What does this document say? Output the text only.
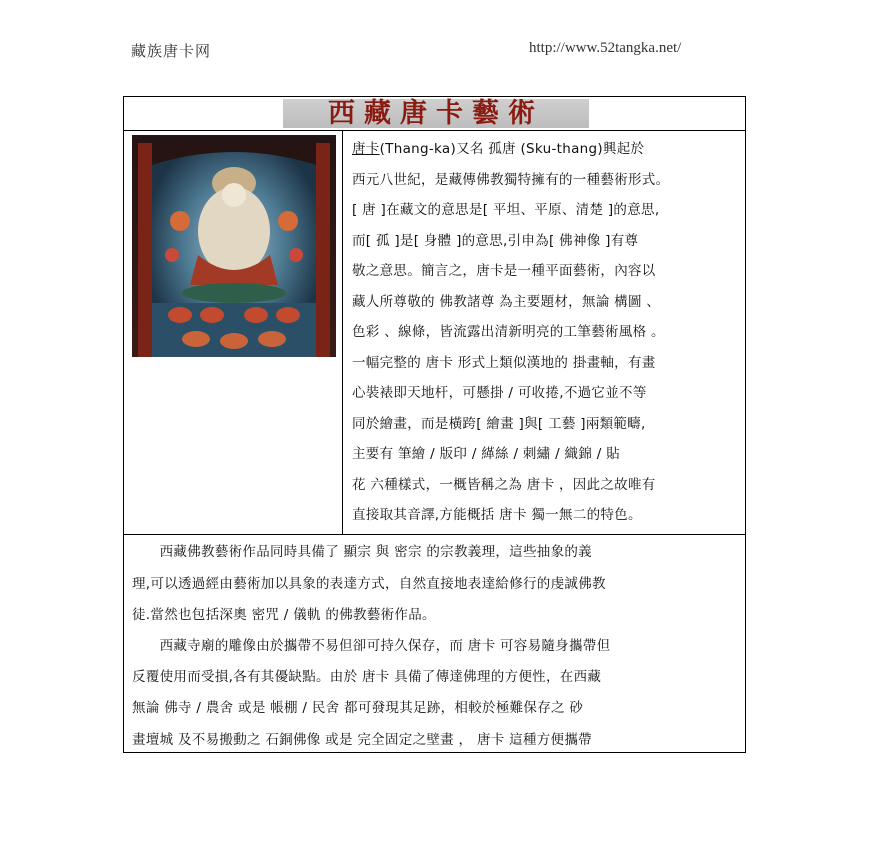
藏族唐卡网	http://www.52tangka.net/
西藏唐卡藝術
唐卡(Thang-ka)又名 孤唐 (Sku-thang)興起於
西元八世紀，是藏傳佛教獨特擁有的一種藝術形式。
[ 唐 ]在藏文的意思是[ 平坦、平原、清楚 ]的意思,
而[ 孤 ]是[ 身體 ]的意思,引申為[ 佛神像 ]有尊
敬之意思。簡言之，唐卡是一種平面藝術，內容以
藏人所尊敬的 佛教諸尊 為主要題材，無論 構圖 、
色彩 、線條，皆流露出清新明亮的工筆藝術風格 。
一幅完整的 唐卡 形式上類似漢地的 掛畫軸，有畫
心裝裱即天地杆，可懸掛 / 可收捲,不過它並不等
同於繪畫，而是橫跨[ 繪畫 ]與[ 工藝 ]兩類範疇,
主要有 筆繪 / 版印 / 緙絲 / 刺繡 / 織錦 / 貼
花 六種樣式，一概皆稱之為 唐卡 ，因此之故唯有
直接取其音譯,方能概括 唐卡 獨一無二的特色。
　　西藏佛教藝術作品同時具備了 顯宗 與 密宗 的宗教義理，這些抽象的義
理,可以透過經由藝術加以具象的表達方式，自然直接地表達給修行的虔誠佛教
徒.當然也包括深奧 密咒 / 儀軌 的佛教藝術作品。
　　西藏寺廟的雕像由於攜帶不易但卻可持久保存，而 唐卡 可容易隨身攜帶但
反覆使用而受損,各有其優缺點。由於 唐卡 具備了傳達佛理的方便性，在西藏
無論 佛寺 / 農舍 或是 帳棚 / 民舍 都可發現其足跡，相較於極難保存之 砂
畫壇城 及不易搬動之 石銅佛像 或是 完全固定之壁畫 ， 唐卡 這種方便攜帶
